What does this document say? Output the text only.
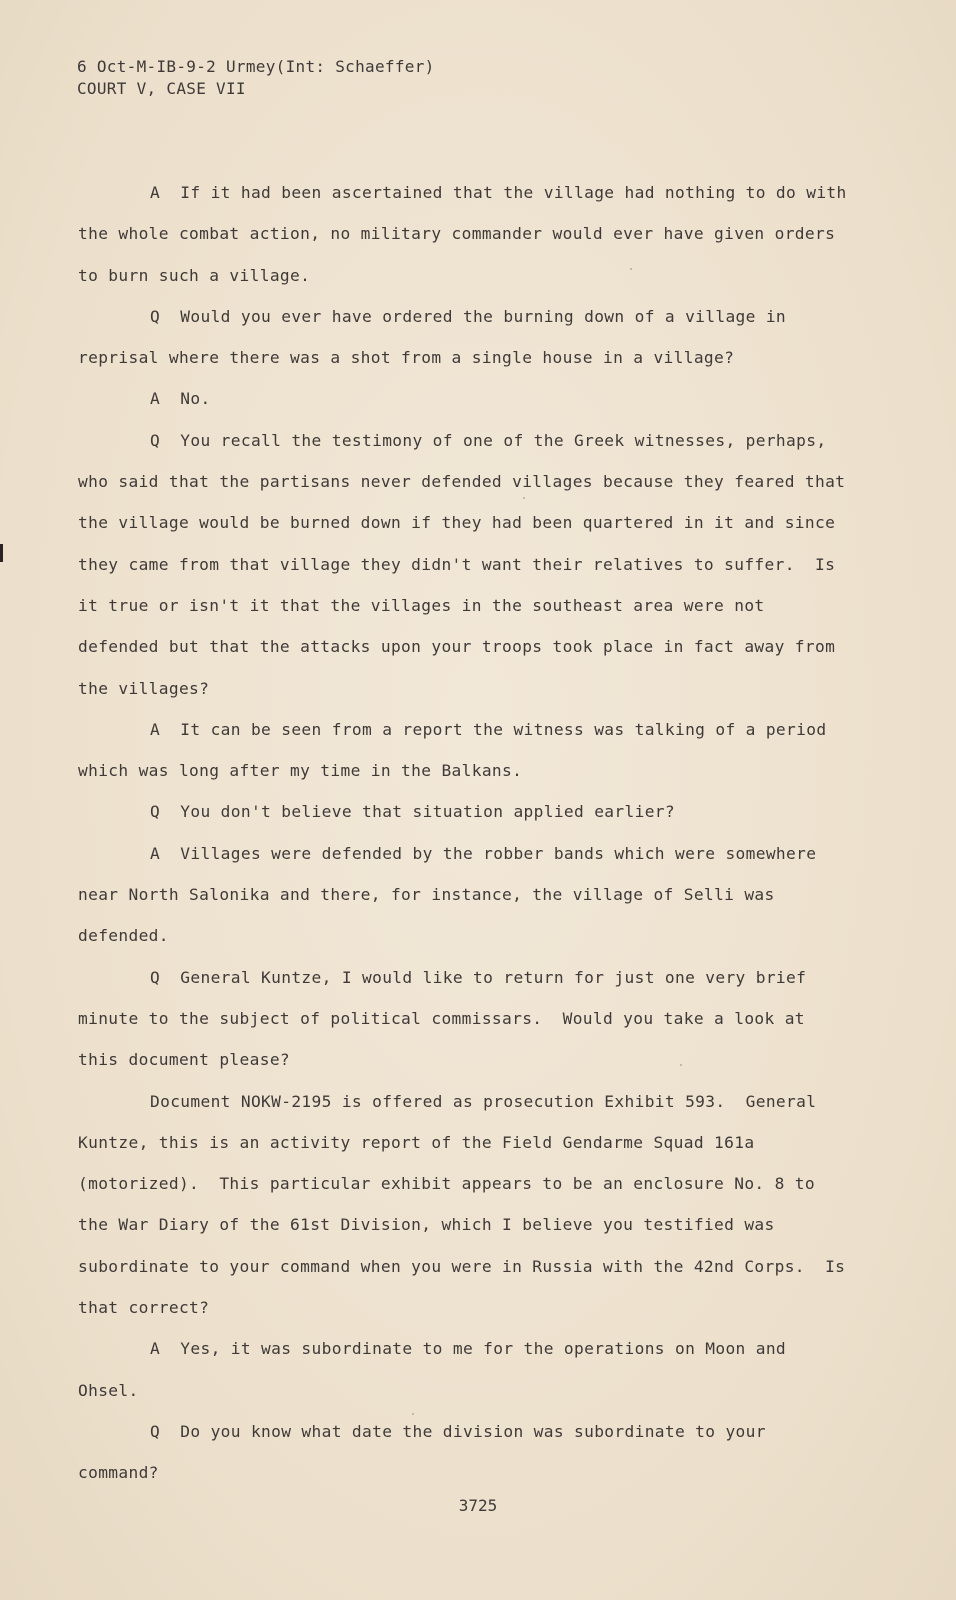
6 Oct-M-IB-9-2 Urmey(Int: Schaeffer)
COURT V, CASE VII

A  If it had been ascertained that the village had nothing to do with the whole combat action, no military commander would ever have given orders to burn such a village.

Q  Would you ever have ordered the burning down of a village in reprisal where there was a shot from a single house in a village?

A  No.

Q  You recall the testimony of one of the Greek witnesses, perhaps, who said that the partisans never defended villages because they feared that the village would be burned down if they had been quartered in it and since they came from that village they didn't want their relatives to suffer.  Is it true or isn't it that the villages in the southeast area were not defended but that the attacks upon your troops took place in fact away from the villages?

A  It can be seen from a report the witness was talking of a period which was long after my time in the Balkans.

Q  You don't believe that situation applied earlier?

A  Villages were defended by the robber bands which were somewhere near North Salonika and there, for instance, the village of Selli was defended.

Q  General Kuntze, I would like to return for just one very brief minute to the subject of political commissars.  Would you take a look at this document please?

Document NOKW-2195 is offered as prosecution Exhibit 593.  General Kuntze, this is an activity report of the Field Gendarme Squad 161a (motorized).  This particular exhibit appears to be an enclosure No. 8 to the War Diary of the 61st Division, which I believe you testified was subordinate to your command when you were in Russia with the 42nd Corps.  Is that correct?

A  Yes, it was subordinate to me for the operations on Moon and Ohsel.

Q  Do you know what date the division was subordinate to your command?

3725
